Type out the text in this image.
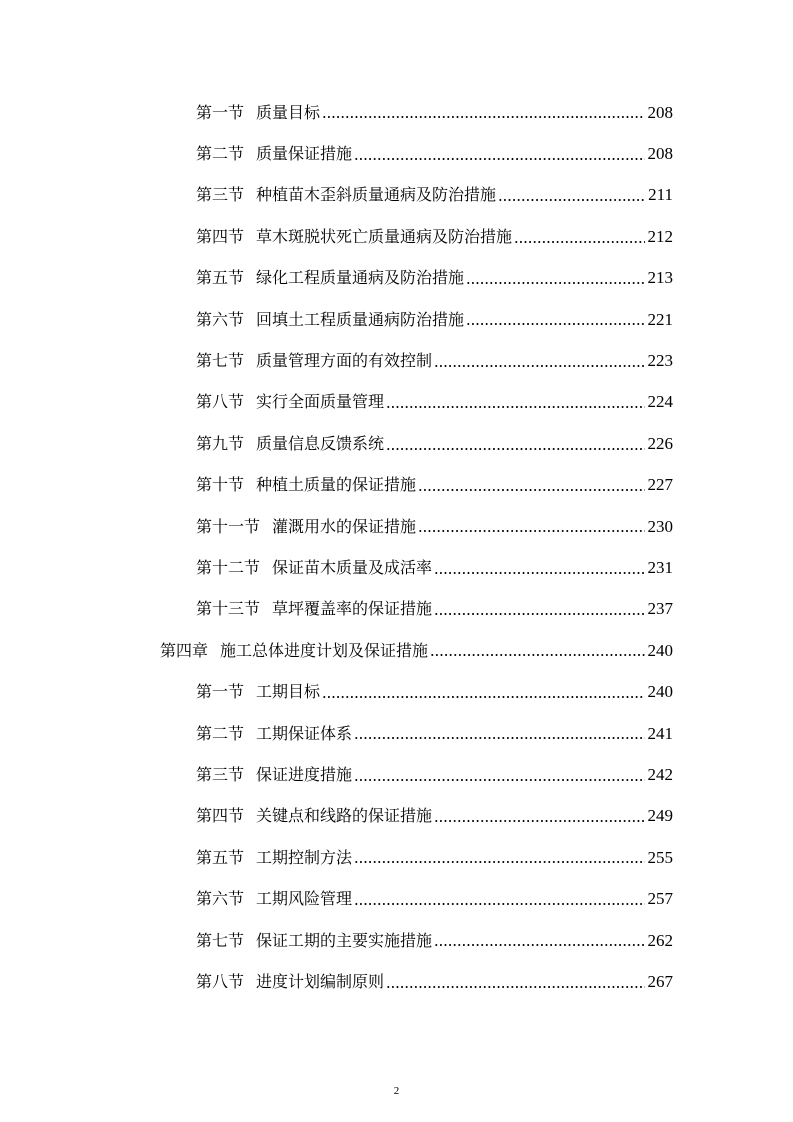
第一节 质量目标	208
第二节 质量保证措施	208
第三节 种植苗木歪斜质量通病及防治措施	211
第四节 草木斑脱状死亡质量通病及防治措施	212
第五节 绿化工程质量通病及防治措施	213
第六节 回填土工程质量通病防治措施	221
第七节 质量管理方面的有效控制	223
第八节 实行全面质量管理	224
第九节 质量信息反馈系统	226
第十节 种植土质量的保证措施	227
第十一节 灌溉用水的保证措施	230
第十二节 保证苗木质量及成活率	231
第十三节 草坪覆盖率的保证措施	237
第四章 施工总体进度计划及保证措施	240
第一节 工期目标	240
第二节 工期保证体系	241
第三节 保证进度措施	242
第四节 关键点和线路的保证措施	249
第五节 工期控制方法	255
第六节 工期风险管理	257
第七节 保证工期的主要实施措施	262
第八节 进度计划编制原则	267
2
